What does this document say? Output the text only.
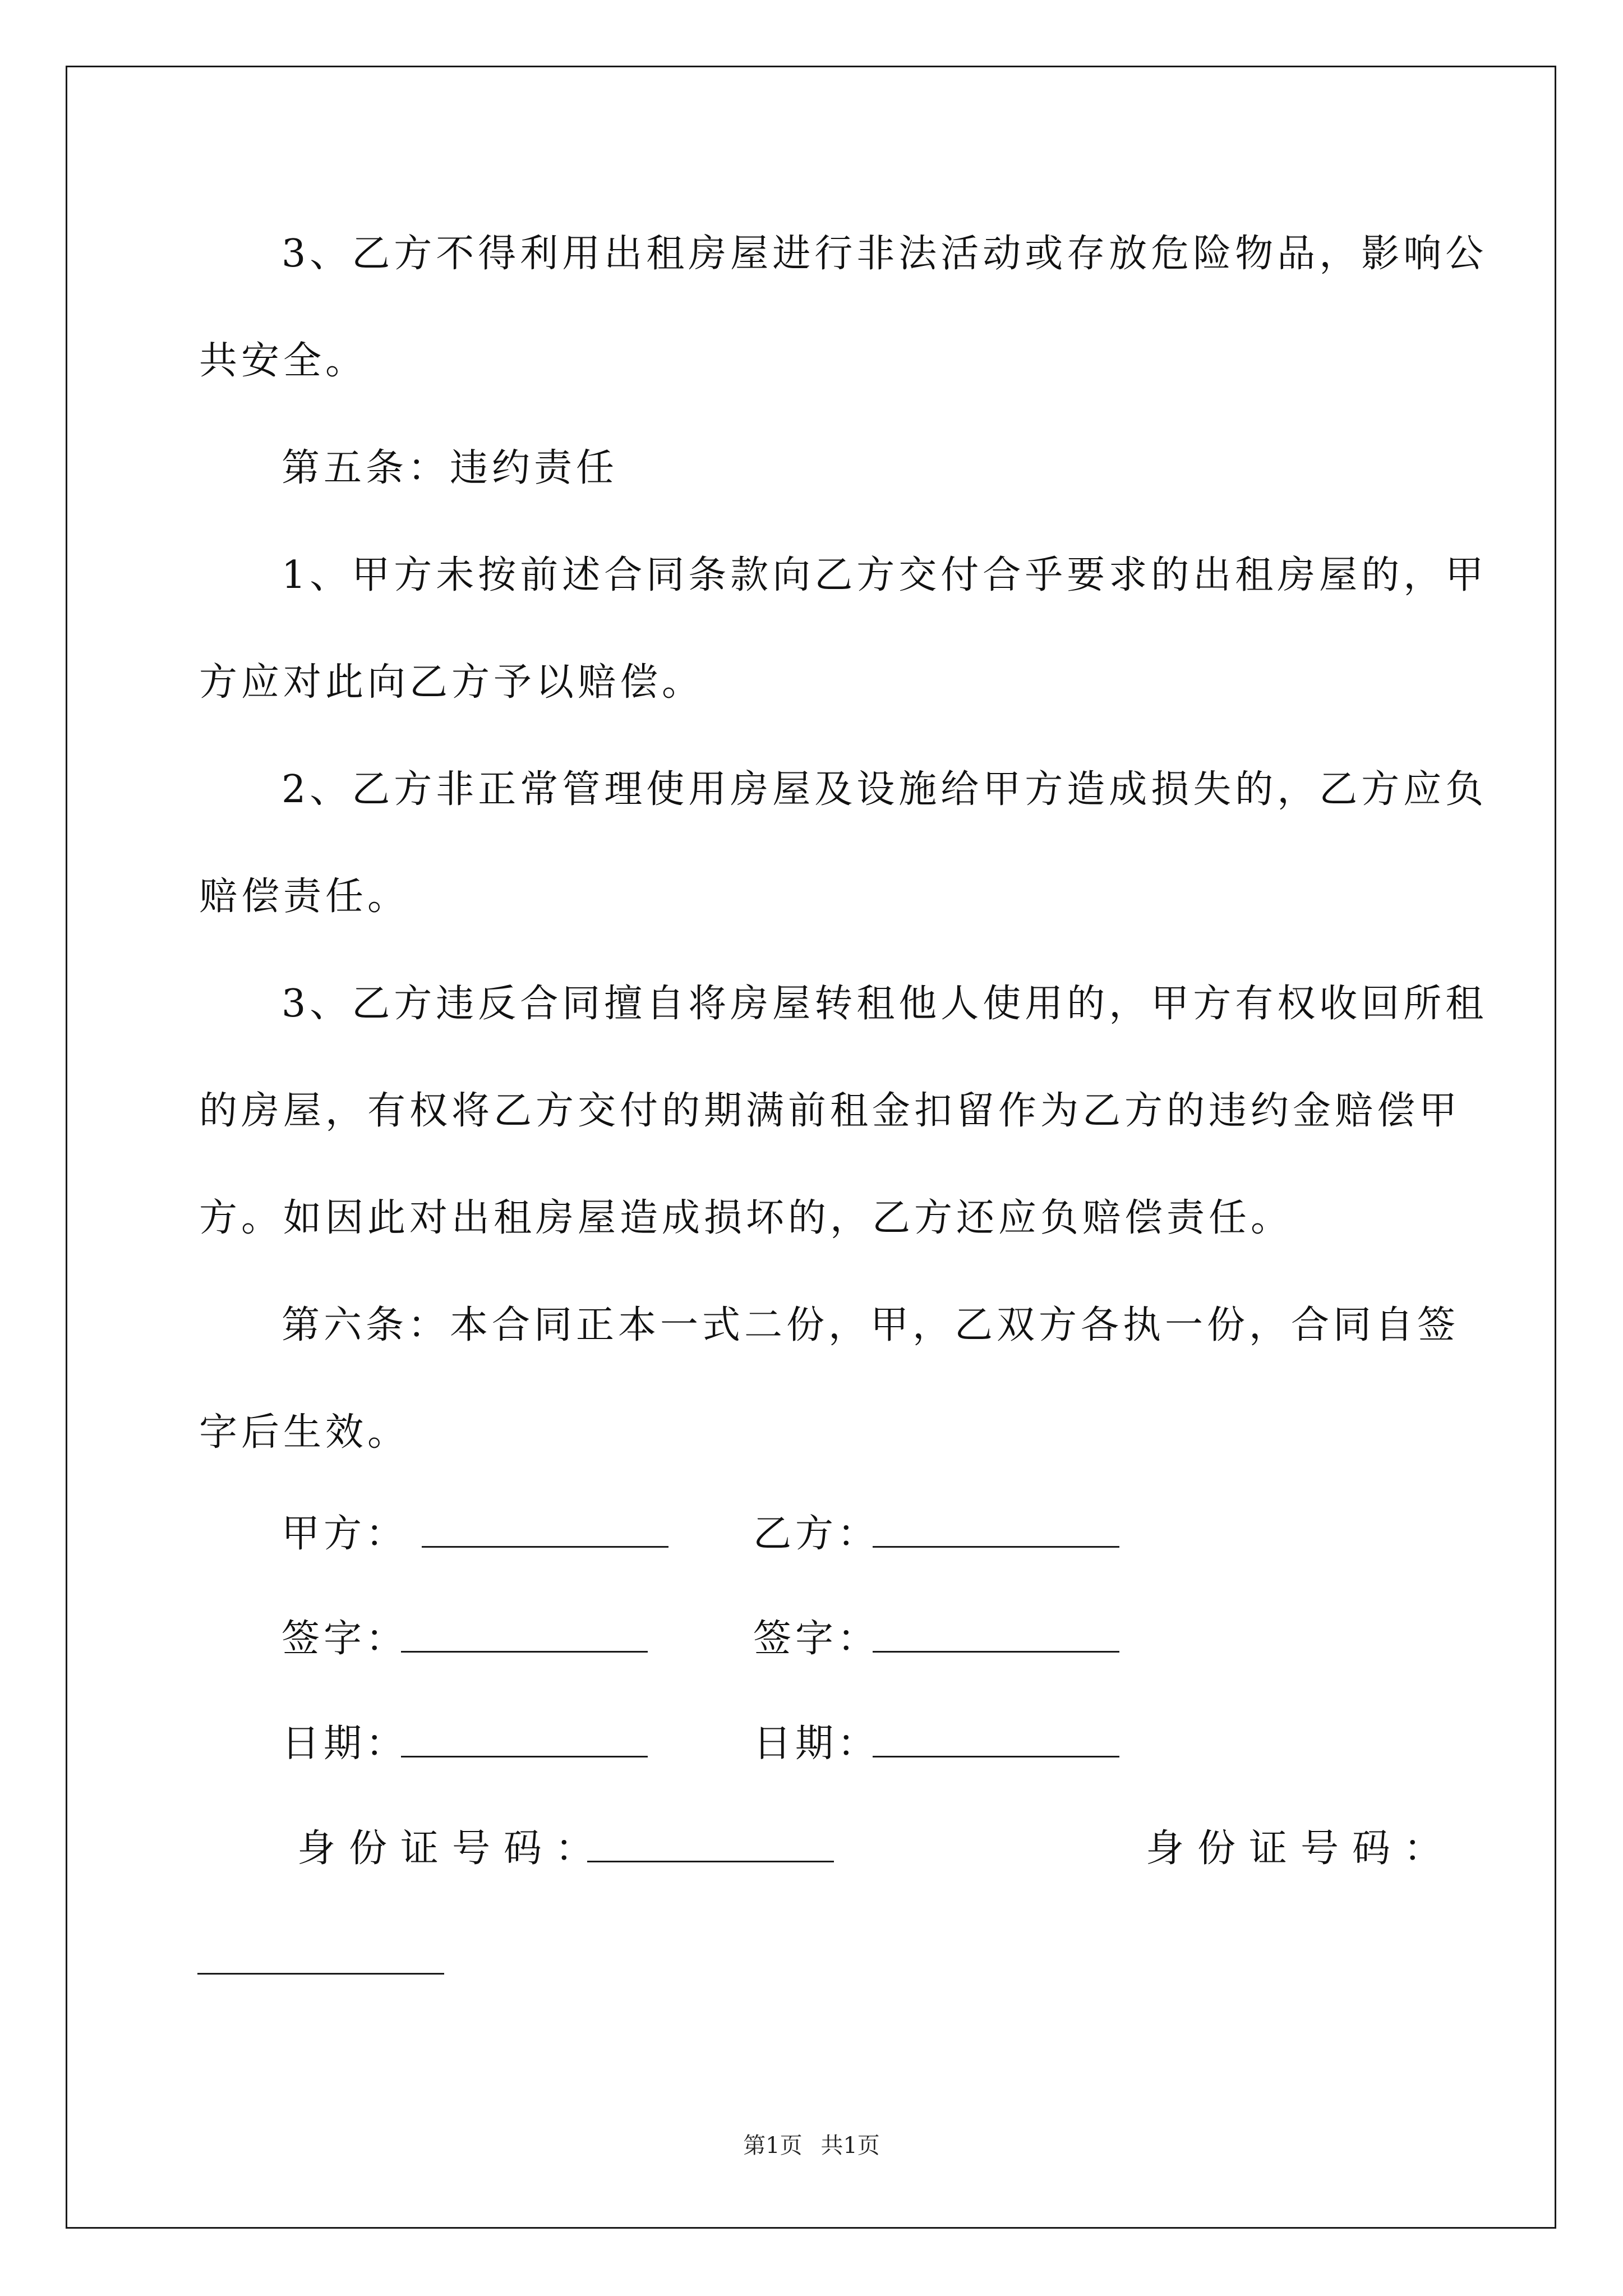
3、乙方不得利用出租房屋进行非法活动或存放危险物品，影响公
共安全。
第五条：违约责任
1、甲方未按前述合同条款向乙方交付合乎要求的出租房屋的，甲
方应对此向乙方予以赔偿。
2、乙方非正常管理使用房屋及设施给甲方造成损失的，乙方应负
赔偿责任。
3、乙方违反合同擅自将房屋转租他人使用的，甲方有权收回所租
的房屋，有权将乙方交付的期满前租金扣留作为乙方的违约金赔偿甲
方。如因此对出租房屋造成损坏的，乙方还应负赔偿责任。
第六条：本合同正本一式二份，甲，乙双方各执一份，合同自签
字后生效。
甲方：	乙方：
签字：	签字：
日期：	日期：
身份证号码：	身份证号码：
第1页 共1页
